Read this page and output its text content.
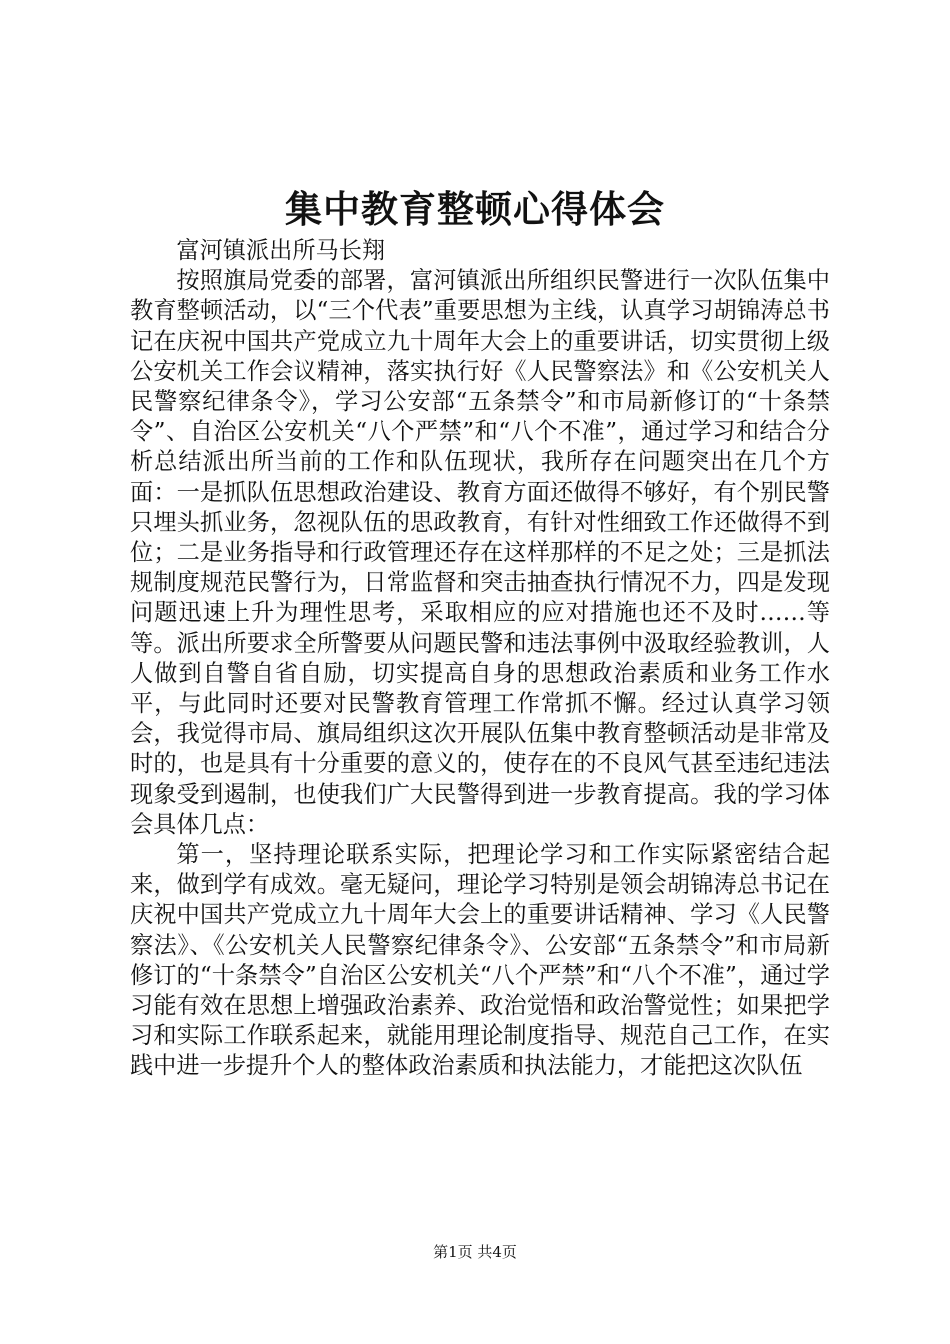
集中教育整顿心得体会

富河镇派出所马长翔

按照旗局党委的部署，富河镇派出所组织民警进行一次队伍集中教育整顿活动，以“三个代表”重要思想为主线，认真学习胡锦涛总书记在庆祝中国共产党成立九十周年大会上的重要讲话，切实贯彻上级公安机关工作会议精神，落实执行好《人民警察法》和《公安机关人民警察纪律条令》，学习公安部“五条禁令”和市局新修订的“十条禁令”、自治区公安机关“八个严禁”和“八个不准”，通过学习和结合分析总结派出所当前的工作和队伍现状，我所存在问题突出在几个方面：一是抓队伍思想政治建设、教育方面还做得不够好，有个别民警只埋头抓业务，忽视队伍的思政教育，有针对性细致工作还做得不到位；二是业务指导和行政管理还存在这样那样的不足之处；三是抓法规制度规范民警行为，日常监督和突击抽查执行情况不力，四是发现问题迅速上升为理性思考，采取相应的应对措施也还不及时……等等。派出所要求全所警要从问题民警和违法事例中汲取经验教训，人人做到自警自省自励，切实提高自身的思想政治素质和业务工作水平，与此同时还要对民警教育管理工作常抓不懈。经过认真学习领会，我觉得市局、旗局组织这次开展队伍集中教育整顿活动是非常及时的，也是具有十分重要的意义的，使存在的不良风气甚至违纪违法现象受到遏制，也使我们广大民警得到进一步教育提高。我的学习体会具体几点：

第一，坚持理论联系实际，把理论学习和工作实际紧密结合起来，做到学有成效。毫无疑问，理论学习特别是领会胡锦涛总书记在庆祝中国共产党成立九十周年大会上的重要讲话精神、学习《人民警察法》、《公安机关人民警察纪律条令》、公安部“五条禁令”和市局新修订的“十条禁令”自治区公安机关“八个严禁”和“八个不准”，通过学习能有效在思想上增强政治素养、政治觉悟和政治警觉性；如果把学习和实际工作联系起来，就能用理论制度指导、规范自己工作，在实践中进一步提升个人的整体政治素质和执法能力，才能把这次队伍

第1页 共4页
